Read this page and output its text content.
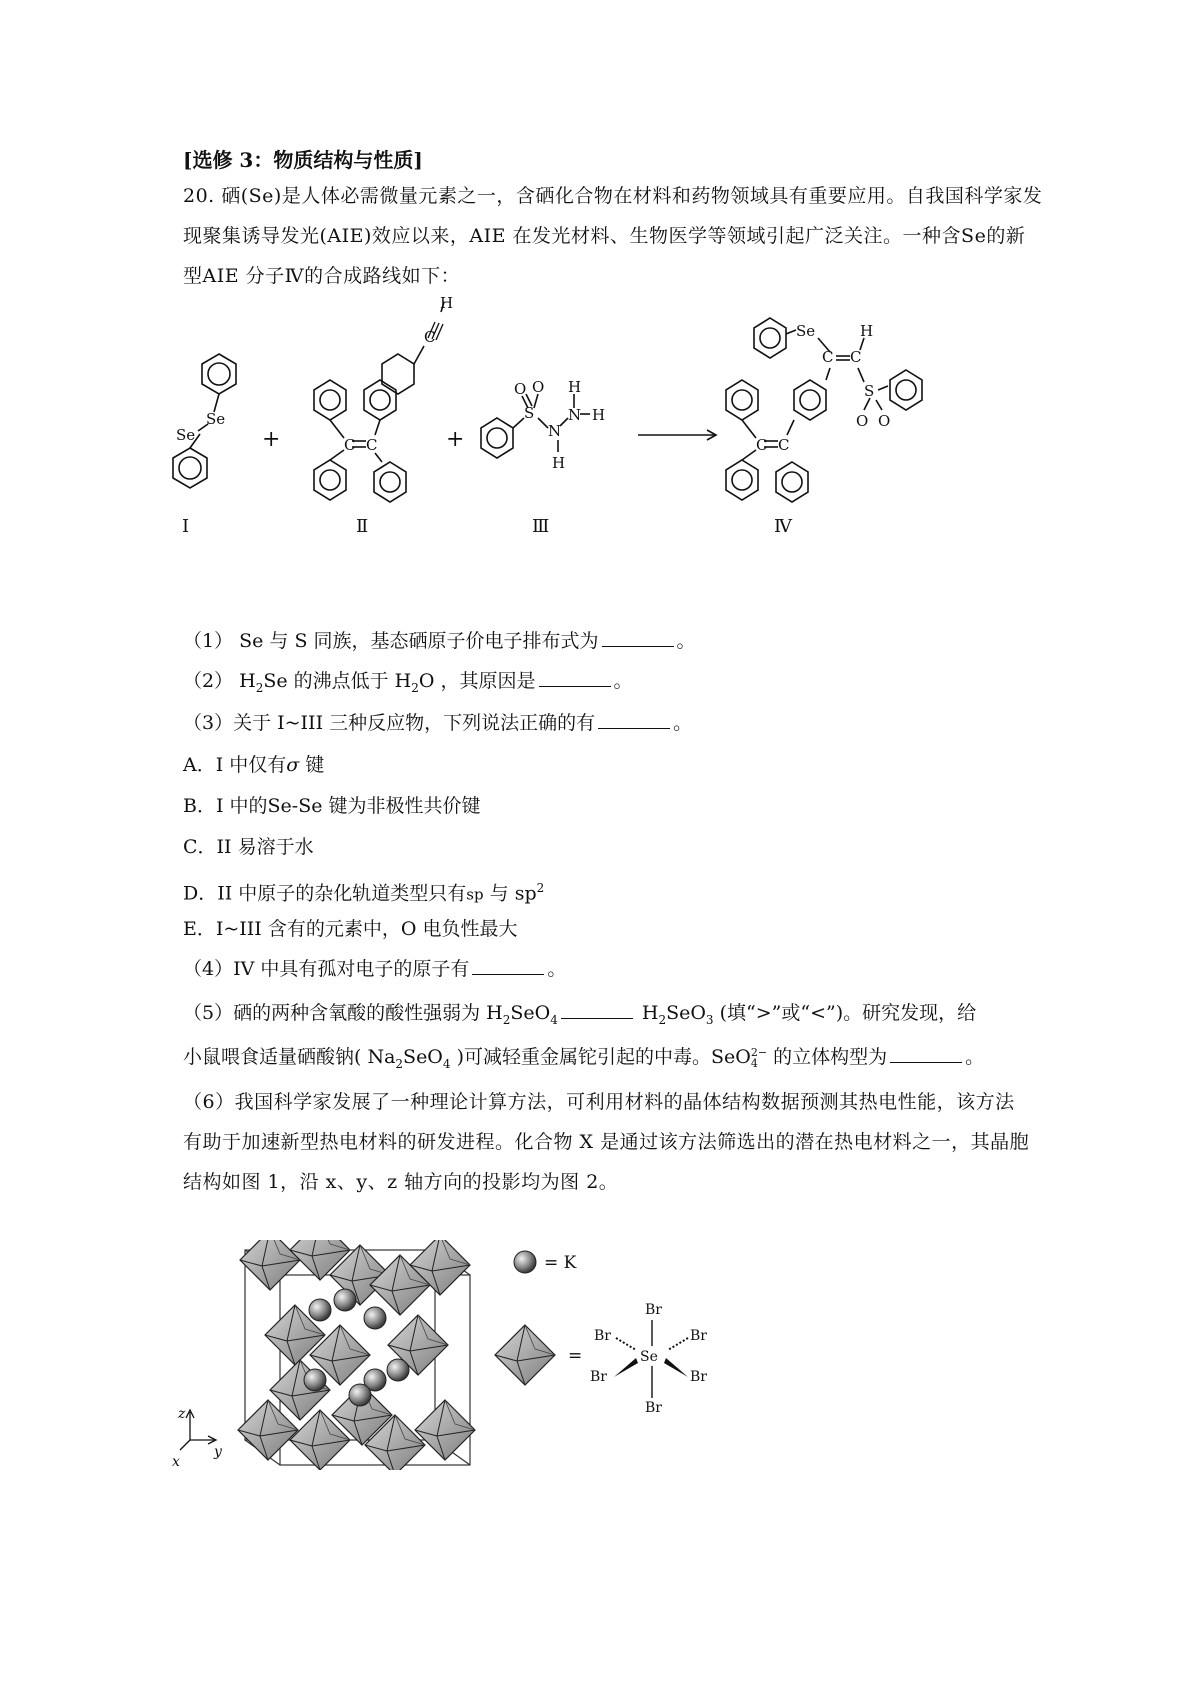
[选修 3：物质结构与性质]
20. 硒(Se)是人体必需微量元素之一，含硒化合物在材料和药物领域具有重要应用。自我国科学家发现聚集诱导发光(AIE)效应以来，AIE 在发光材料、生物医学等领域引起广泛关注。一种含Se的新型AIE 分子Ⅳ的合成路线如下：
Se
Se
C C
C
H
O O
S
N
N H
H
H
C C
Se
C C
H
S
O O
+	+
Ⅰ	Ⅱ	Ⅲ	Ⅳ
（1） Se 与 S 同族，基态硒原子价电子排布式为	。
（2） $H_2Se$ 的沸点低于 $H_2O$ ，其原因是	。
（3）关于 I~III 三种反应物，下列说法正确的有	。
A．I 中仅有σ 键
B．I 中的Se-Se 键为非极性共价键
C．II 易溶于水
D．II 中原子的杂化轨道类型只有sp 与 $sp^2$
E．I~III 含有的元素中，O 电负性最大
（4）IV 中具有孤对电子的原子有	。
（5）硒的两种含氧酸的酸性强弱为 $H_2SeO_4$	$H_2SeO_3$ (填“>”或“<”)。研究发现，给
小鼠喂食适量硒酸钠( $Na_2SeO_4$ )可减轻重金属铊引起的中毒。SeO 2−
4 的立体构型为	。
（6）我国科学家发展了一种理论计算方法，可利用材料的晶体结构数据预测其热电性能，该方法有助于加速新型热电材料的研发进程。化合物 X 是通过该方法筛选出的潜在热电材料之一，其晶胞结构如图 1，沿 x、y、z 轴方向的投影均为图 2。
z
y
x
= K
=	Se
Br
Br
Br	Br
Br	Br
